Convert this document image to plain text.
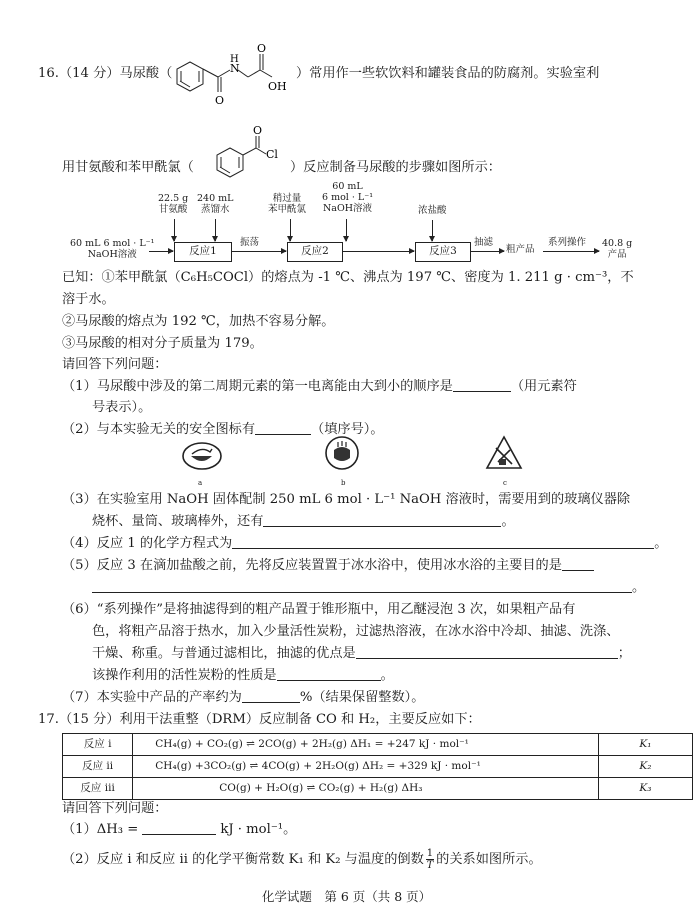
16.（14 分）马尿酸（	N
H
O
O
OH
）常用作一些软饮料和罐装食品的防腐剂。实验室利
用甘氨酸和苯甲酰氯（
O
Cl
）反应制备马尿酸的步骤如图所示：
22.5 g
甘氨酸
240 mL
蒸馏水
稍过量
苯甲酰氯
60 mL
6 mol · L⁻¹
NaOH溶液	浓盐酸
60 mL 6 mol · L⁻¹
NaOH溶液	反应1
振荡
反应2	反应3
抽滤
粗产品
系列操作 40.8 g
产品
已知：①苯甲酰氯（C₆H₅COCl）的熔点为 -1 ℃、沸点为 197 ℃、密度为 1. 211 g · cm⁻³，不
溶于水。
②马尿酸的熔点为 192 ℃，加热不容易分解。
③马尿酸的相对分子质量为 179。
请回答下列问题：
（1）马尿酸中涉及的第二周期元素的第一电离能由大到小的顺序是	（用元素符
号表示）。
（2）与本实验无关的安全图标有	（填序号）。
a	b	c
（3）在实验室用 NaOH 固体配制 250 mL 6 mol · L⁻¹ NaOH 溶液时，需要用到的玻璃仪器除
烧杯、量筒、玻璃棒外，还有	。
（4）反应 1 的化学方程式为	。
（5）反应 3 在滴加盐酸之前，先将反应装置置于冰水浴中，使用冰水浴的主要目的是
。
（6）“系列操作”是将抽滤得到的粗产品置于锥形瓶中，用乙醚浸泡 3 次，如果粗产品有
色，将粗产品溶于热水，加入少量活性炭粉，过滤热溶液，在冰水浴中冷却、抽滤、洗涤、
干燥、称重。与普通过滤相比，抽滤的优点是	；
该操作利用的活性炭粉的性质是	。
（7）本实验中产品的产率约为	%（结果保留整数）。
17.（15 分）利用干法重整（DRM）反应制备 CO 和 H₂，主要反应如下：
反应 ⅰ	CH₄(g) + CO₂(g) ⇌ 2CO(g) + 2H₂(g) ΔH₁ = +247 kJ · mol⁻¹	K₁
反应 ⅱ	CH₄(g) +3CO₂(g) ⇌ 4CO(g) + 2H₂O(g) ΔH₂ = +329 kJ · mol⁻¹	K₂
反应 ⅲ	CO(g) + H₂O(g) ⇌ CO₂(g) + H₂(g) ΔH₃	K₃
请回答下列问题：
（1）ΔH₃ =	kJ · mol⁻¹。
（2）反应 ⅰ 和反应 ⅱ 的化学平衡常数 K₁ 和 K₂ 与温度的倒数 $\frac{1}{T}$ 的关系如图所示。
化学试题　第 6 页（共 8 页）
